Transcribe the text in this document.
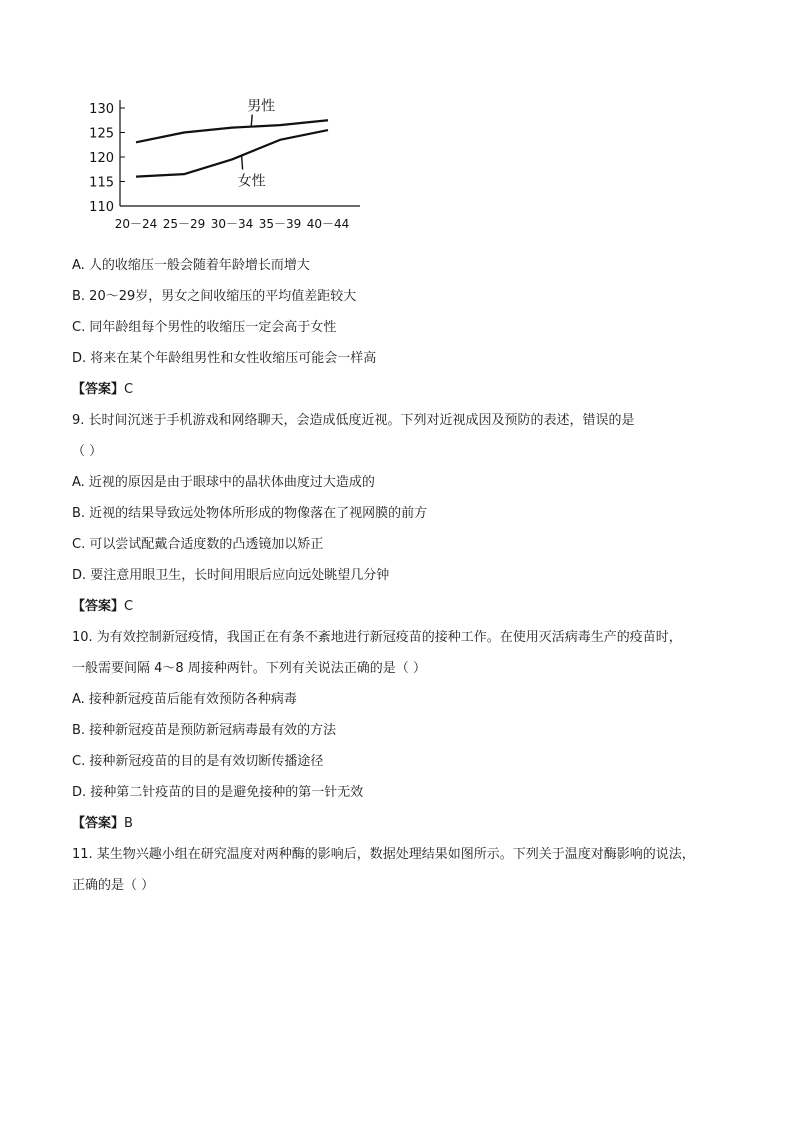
130
125
120
115
110
20－24 25－29 30－34 35－39 40－44
男性
女性
A. 人的收缩压一般会随着年龄增长而增大
B. 20～29岁，男女之间收缩压的平均值差距较大
C. 同年龄组每个男性的收缩压一定会高于女性
D. 将来在某个年龄组男性和女性收缩压可能会一样高
【答案】C
9. 长时间沉迷于手机游戏和网络聊天，会造成低度近视。下列对近视成因及预防的表述，错误的是
（ ）
A. 近视的原因是由于眼球中的晶状体曲度过大造成的
B. 近视的结果导致远处物体所形成的物像落在了视网膜的前方
C. 可以尝试配戴合适度数的凸透镜加以矫正
D. 要注意用眼卫生，长时间用眼后应向远处眺望几分钟
【答案】C
10. 为有效控制新冠疫情，我国正在有条不紊地进行新冠疫苗的接种工作。在使用灭活病毒生产的疫苗时，
一般需要间隔 4～8 周接种两针。下列有关说法正确的是（ ）
A. 接种新冠疫苗后能有效预防各种病毒
B. 接种新冠疫苗是预防新冠病毒最有效的方法
C. 接种新冠疫苗的目的是有效切断传播途径
D. 接种第二针疫苗的目的是避免接种的第一针无效
【答案】B
11. 某生物兴趣小组在研究温度对两种酶的影响后，数据处理结果如图所示。下列关于温度对酶影响的说法，
正确的是（ ）
